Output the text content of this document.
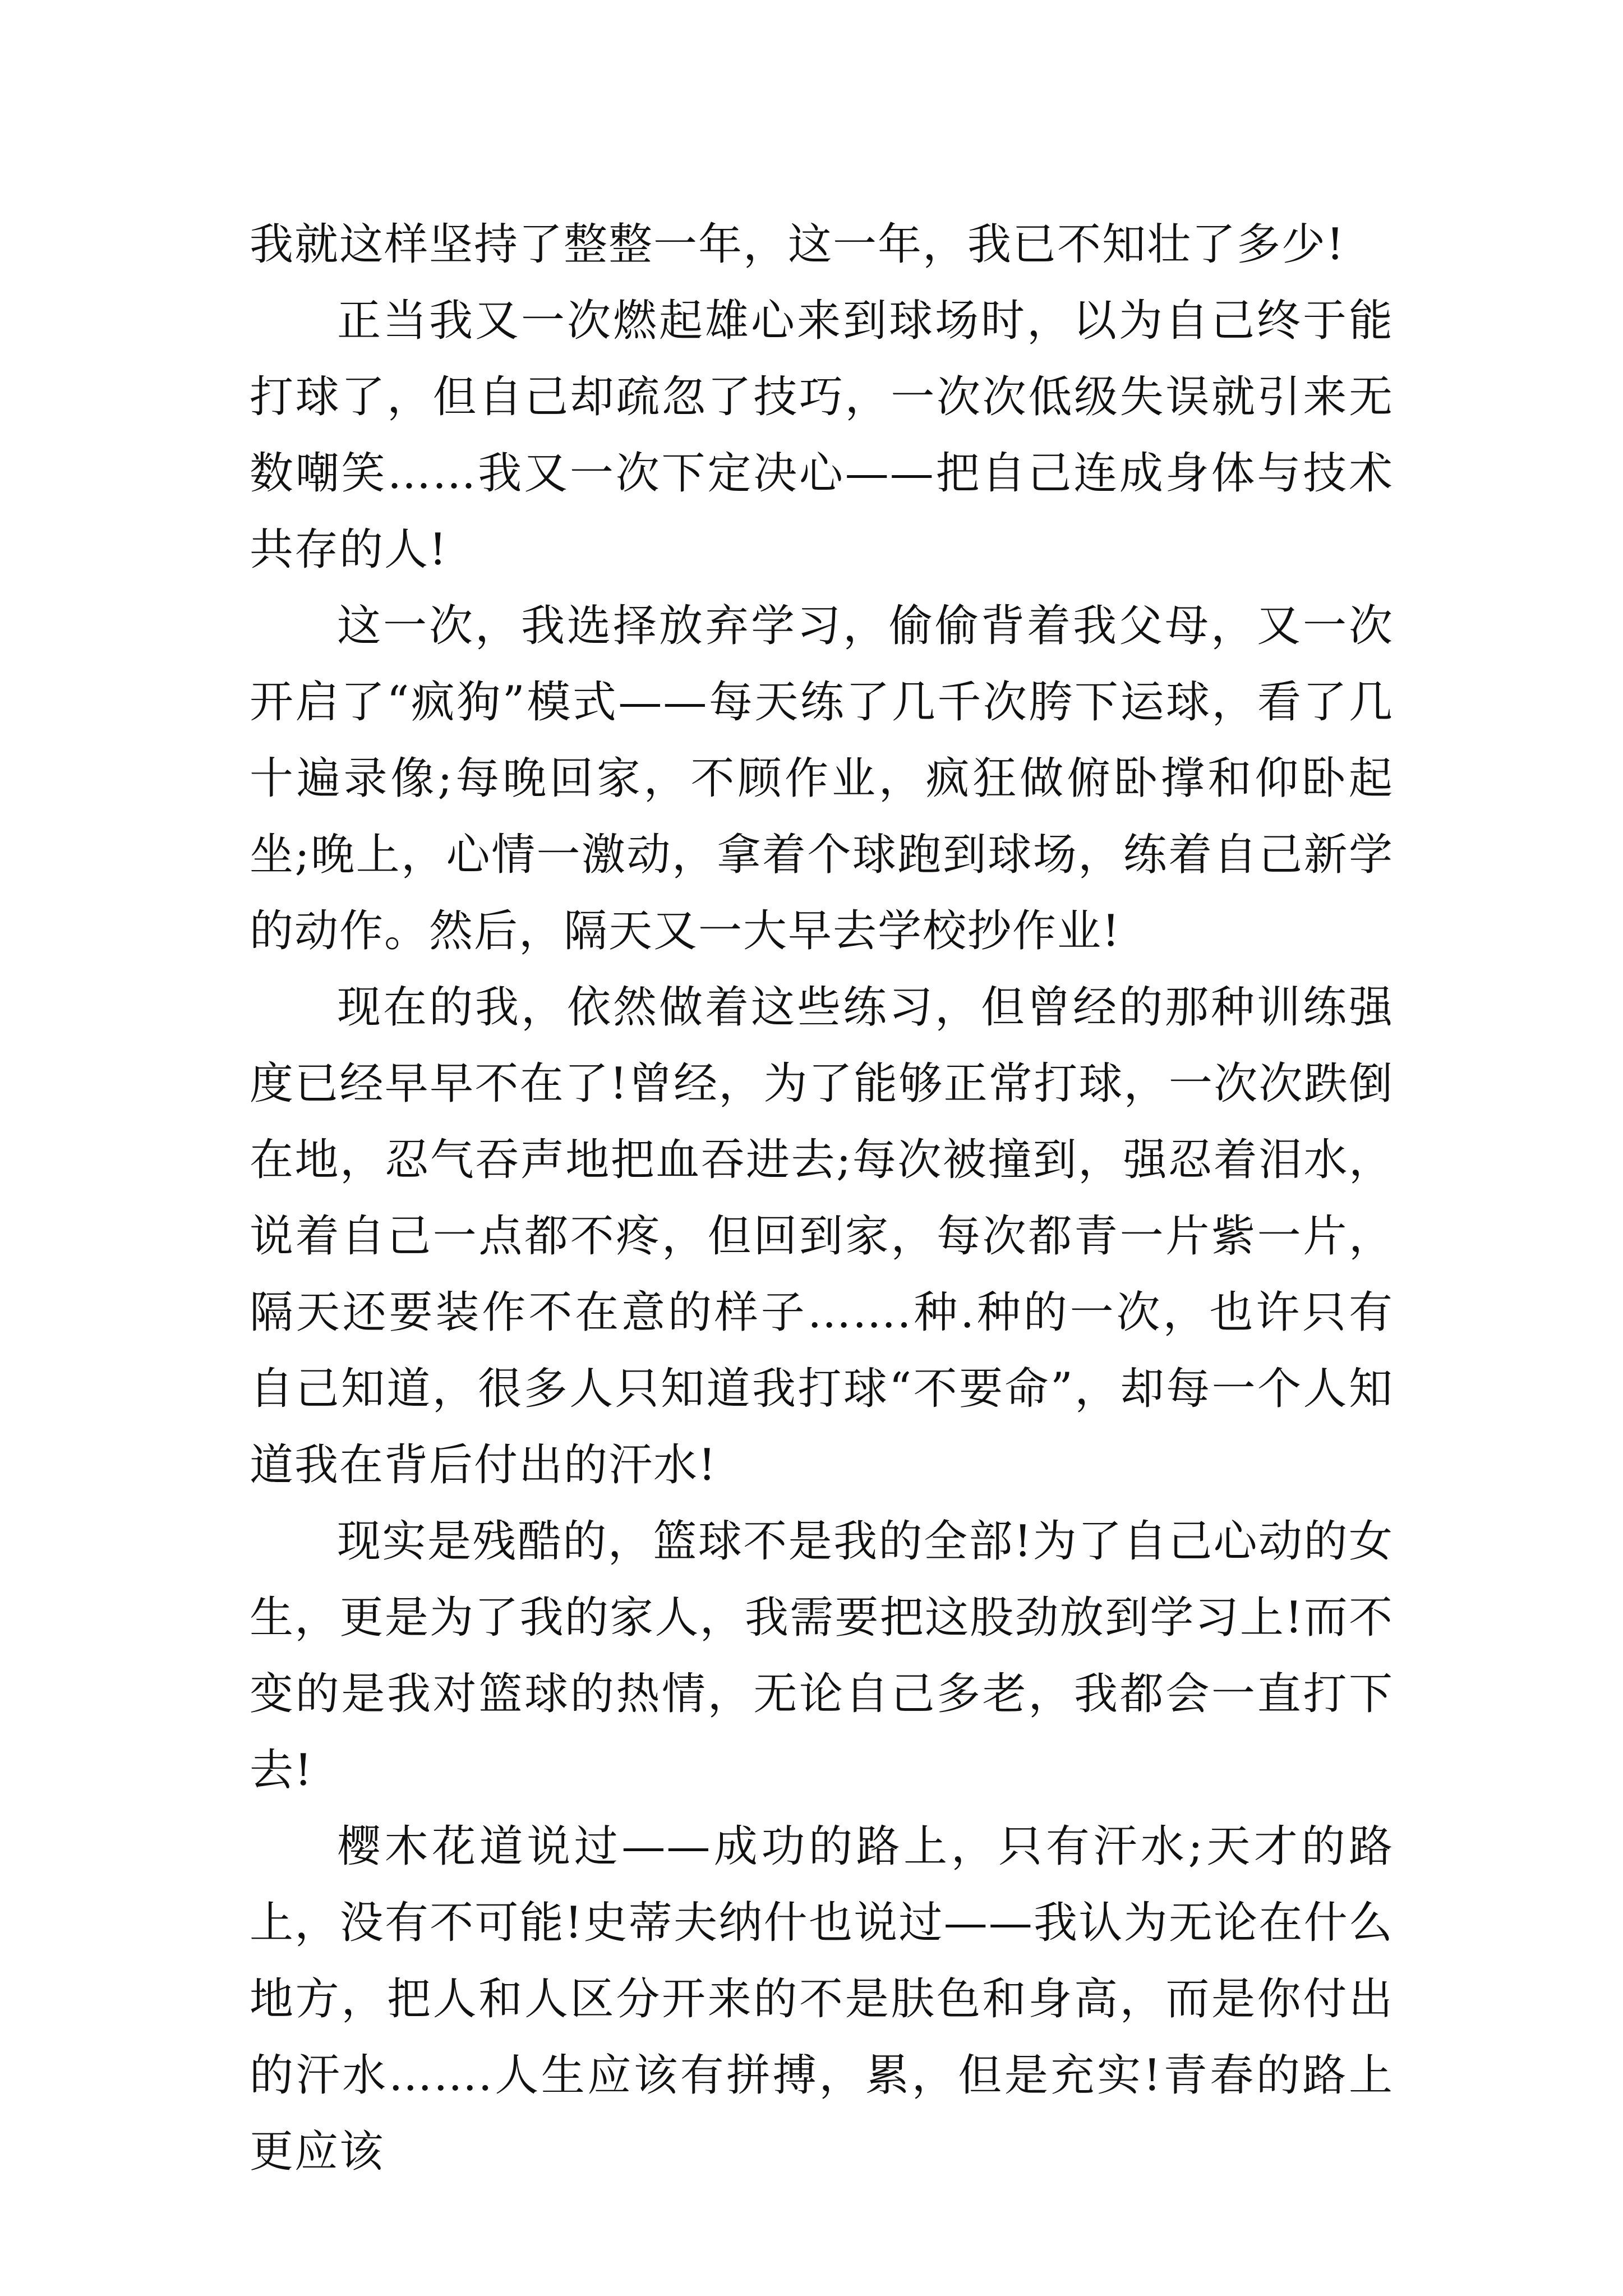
我就这样坚持了整整一年，这一年，我已不知壮了多少!

正当我又一次燃起雄心来到球场时，以为自己终于能打球了，但自己却疏忽了技巧，一次次低级失误就引来无数嘲笑……我又一次下定决心——把自己连成身体与技术共存的人!

这一次，我选择放弃学习，偷偷背着我父母，又一次开启了“疯狗”模式——每天练了几千次胯下运球，看了几十遍录像;每晚回家，不顾作业，疯狂做俯卧撑和仰卧起坐;晚上，心情一激动，拿着个球跑到球场，练着自己新学的动作。然后，隔天又一大早去学校抄作业!

现在的我，依然做着这些练习，但曾经的那种训练强度已经早早不在了!曾经，为了能够正常打球，一次次跌倒在地，忍气吞声地把血吞进去;每次被撞到，强忍着泪水，说着自己一点都不疼，但回到家，每次都青一片紫一片，隔天还要装作不在意的样子…….种.种的一次，也许只有自己知道，很多人只知道我打球“不要命”，却每一个人知道我在背后付出的汗水!

现实是残酷的，篮球不是我的全部!为了自己心动的女生，更是为了我的家人，我需要把这股劲放到学习上!而不变的是我对篮球的热情，无论自己多老，我都会一直打下去!

樱木花道说过——成功的路上，只有汗水;天才的路上，没有不可能!史蒂夫纳什也说过——我认为无论在什么地方，把人和人区分开来的不是肤色和身高，而是你付出的汗水…….人生应该有拼搏，累，但是充实!青春的路上更应该
